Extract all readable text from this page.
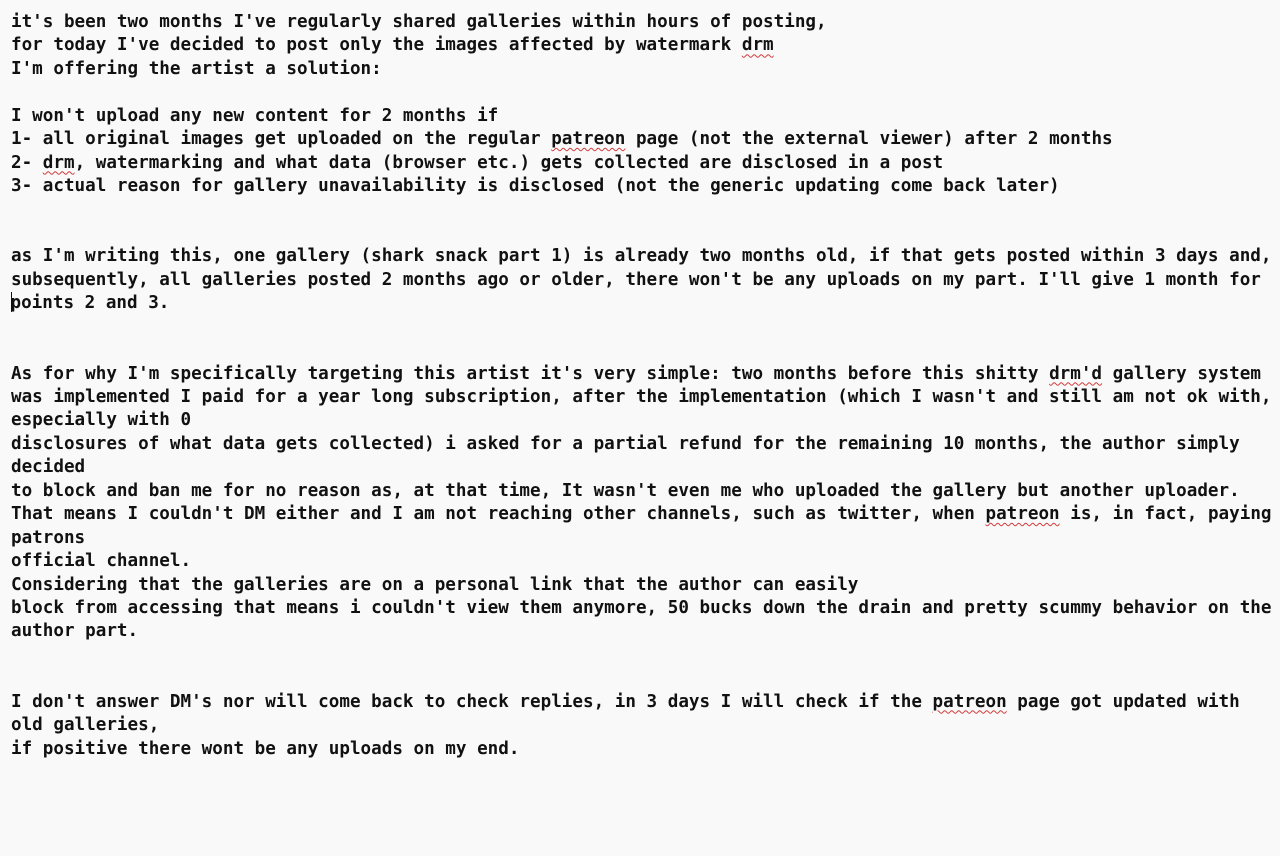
it's been two months I've regularly shared galleries within hours of posting,
for today I've decided to post only the images affected by watermark drm
I'm offering the artist a solution:
I won't upload any new content for 2 months if
1- all original images get uploaded on the regular patreon page (not the external viewer) after 2 months
2- drm, watermarking and what data (browser etc.) gets collected are disclosed in a post
3- actual reason for gallery unavailability is disclosed (not the generic updating come back later)
as I'm writing this, one gallery (shark snack part 1) is already two months old, if that gets posted within 3 days and,
subsequently, all galleries posted 2 months ago or older, there won't be any uploads on my part. I'll give 1 month for
points 2 and 3.
As for why I'm specifically targeting this artist it's very simple: two months before this shitty drm'd gallery system
was implemented I paid for a year long subscription, after the implementation (which I wasn't and still am not ok with,
especially with 0
disclosures of what data gets collected) i asked for a partial refund for the remaining 10 months, the author simply
decided
to block and ban me for no reason as, at that time, It wasn't even me who uploaded the gallery but another uploader.
That means I couldn't DM either and I am not reaching other channels, such as twitter, when patreon is, in fact, paying
patrons
official channel.
Considering that the galleries are on a personal link that the author can easily
block from accessing that means i couldn't view them anymore, 50 bucks down the drain and pretty scummy behavior on the
author part.
I don't answer DM's nor will come back to check replies, in 3 days I will check if the patreon page got updated with
old galleries,
if positive there wont be any uploads on my end.
